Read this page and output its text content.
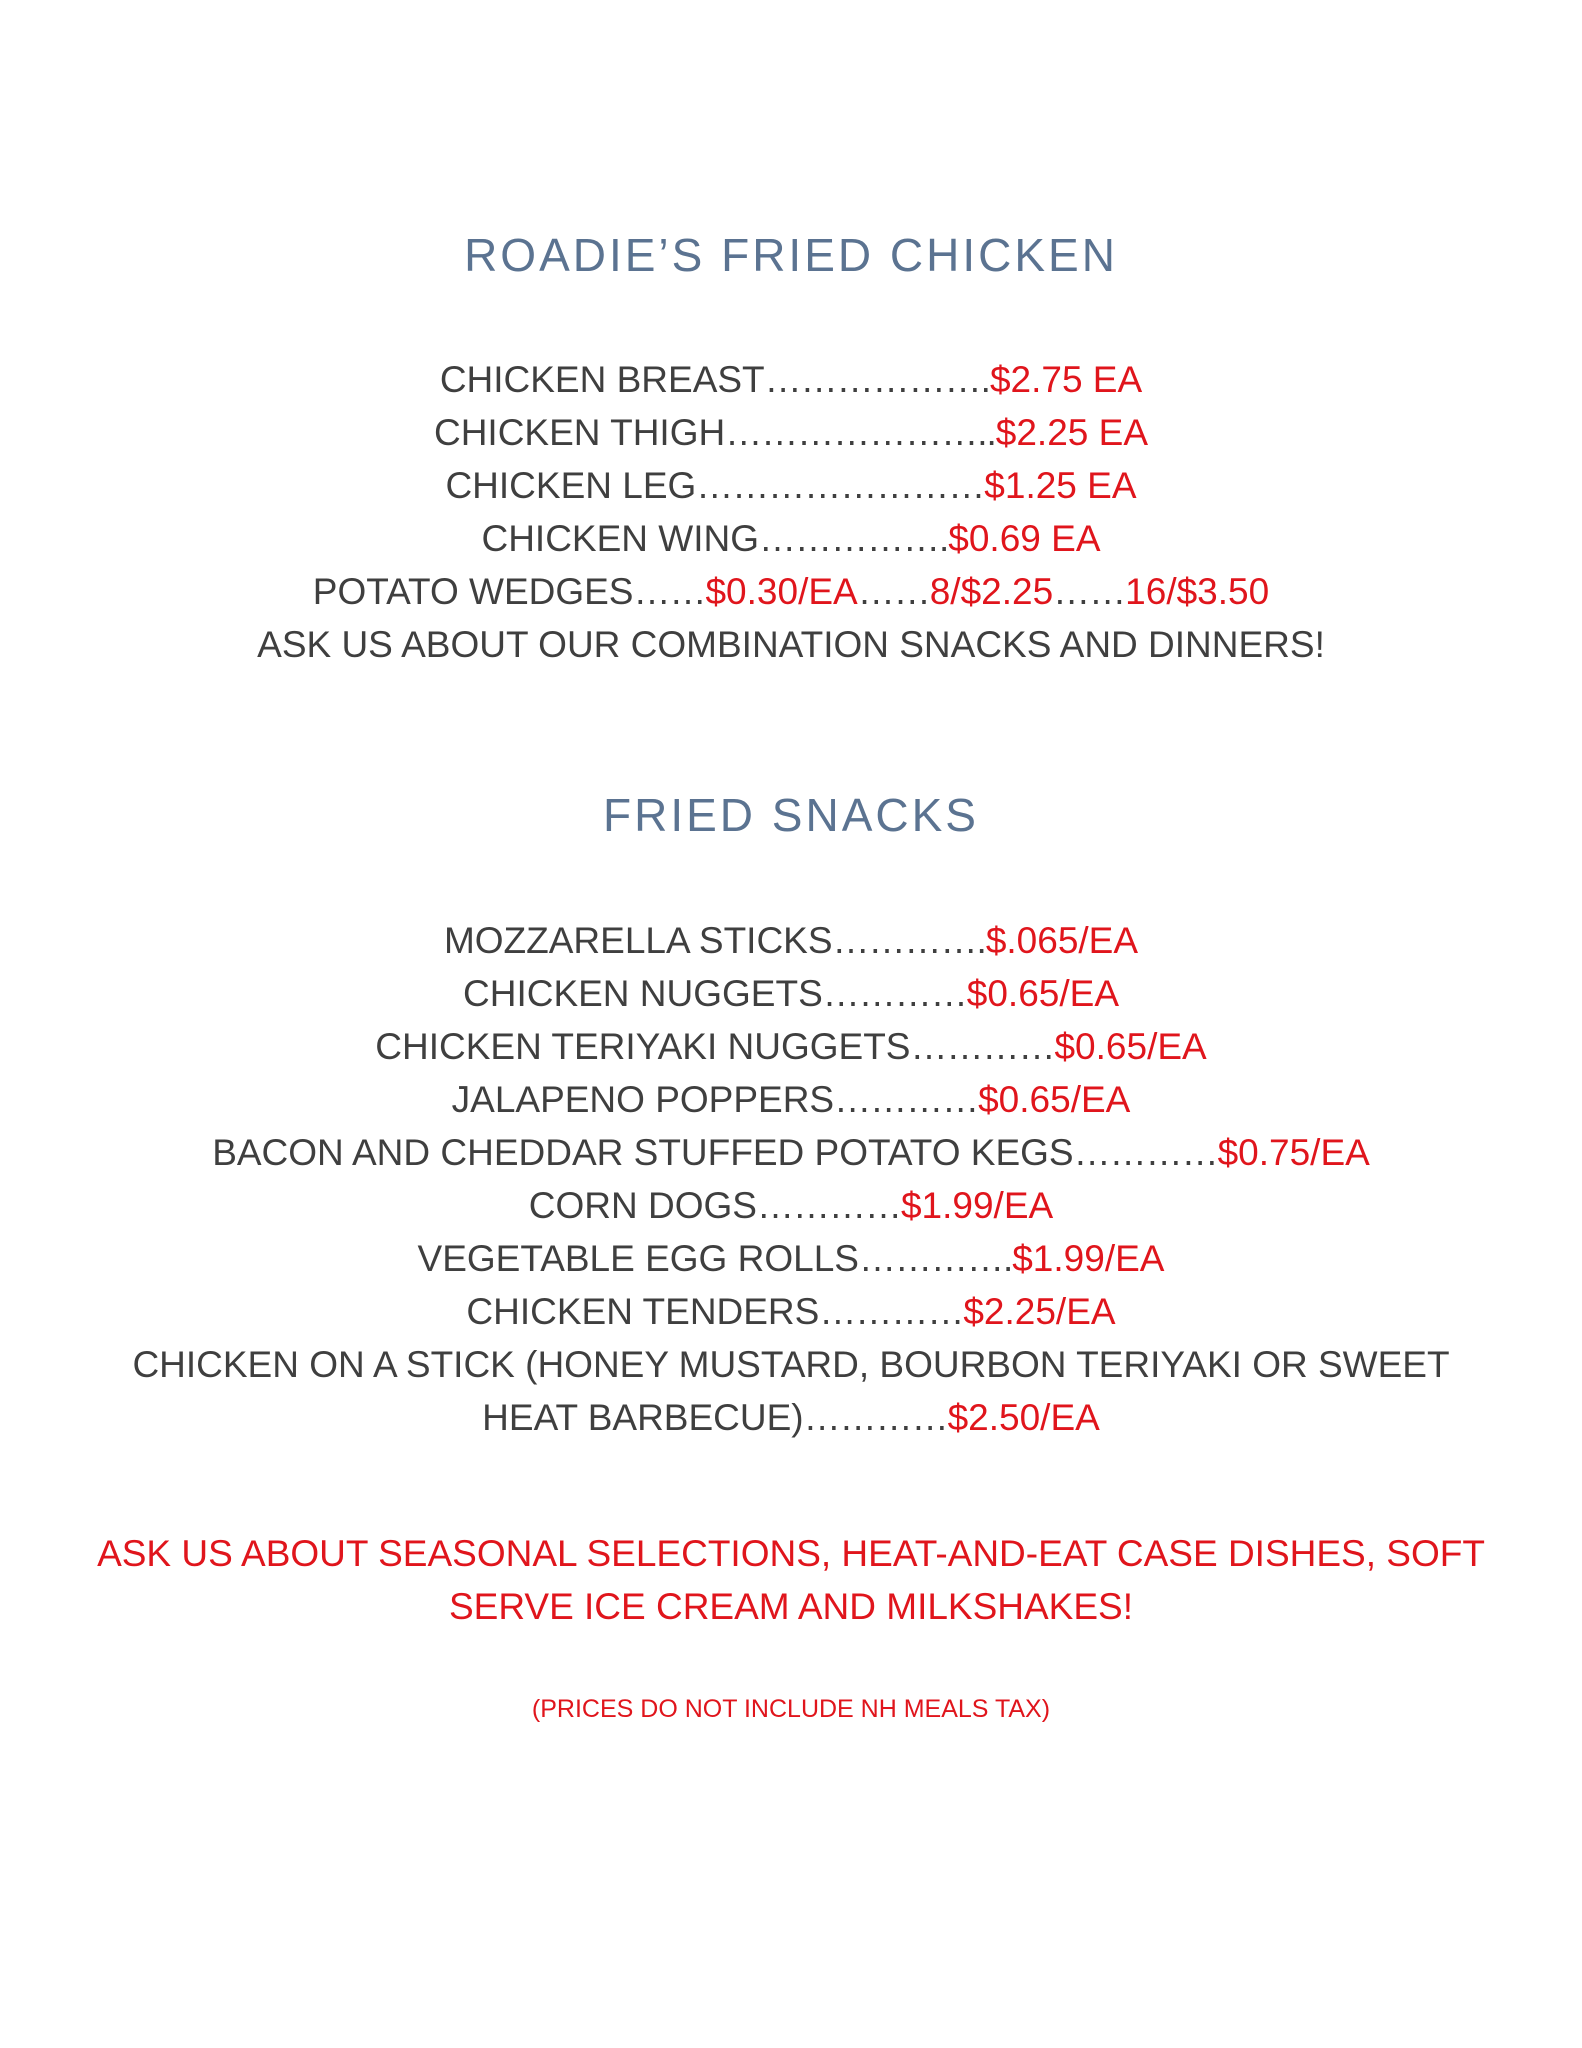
ROADIE’S FRIED CHICKEN
CHICKEN BREAST……………….$2.75 EA
CHICKEN THIGH…………………..$2.25 EA
CHICKEN LEG……………………$1.25 EA
CHICKEN WING…………….$0.69 EA
POTATO WEDGES……$0.30/EA……8/$2.25……16/$3.50
ASK US ABOUT OUR COMBINATION SNACKS AND DINNERS!
FRIED SNACKS
MOZZARELLA STICKS………….$.065/EA
CHICKEN NUGGETS…………$0.65/EA
CHICKEN TERIYAKI NUGGETS…………$0.65/EA
JALAPENO POPPERS…………$0.65/EA
BACON AND CHEDDAR STUFFED POTATO KEGS…………$0.75/EA
CORN DOGS…………$1.99/EA
VEGETABLE EGG ROLLS………….$1.99/EA
CHICKEN TENDERS…………$2.25/EA
CHICKEN ON A STICK (HONEY MUSTARD, BOURBON TERIYAKI OR SWEET HEAT BARBECUE)…………$2.50/EA
ASK US ABOUT SEASONAL SELECTIONS, HEAT-AND-EAT CASE DISHES, SOFT SERVE ICE CREAM AND MILKSHAKES!
(PRICES DO NOT INCLUDE NH MEALS TAX)
